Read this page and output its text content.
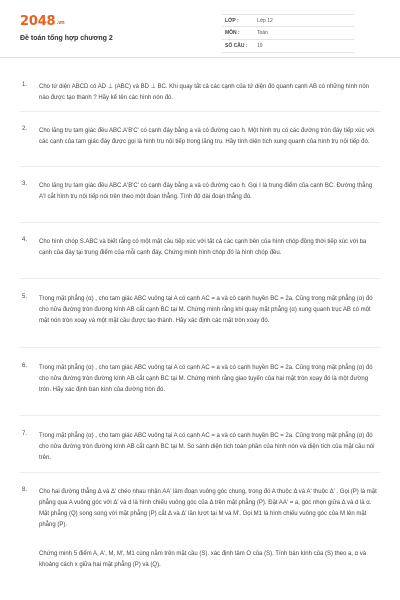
2048.vn
Đề toán tổng hợp chương 2
LỚP :	Lớp 12
MÔN :	Toán
SỐ CÂU :	19
1. Cho tứ diện ABCD có AD ⊥ (ABC) và BD ⊥ BC. Khi quay tất cả các cạnh của tứ diện đó quanh cạnh AB có những hình nón nào được tạo thành ? Hãy kể tên các hình nón đó.
2. Cho lăng trụ tam giác đều ABC.A'B'C' có cạnh đáy bằng a và có đường cao h. Một hình trụ có các đường tròn đáy tiếp xúc với các cạnh của tam giác đáy được gọi là hình trụ nội tiếp trong lăng trụ. Hãy tính diện tích xung quanh của hình trụ nội tiếp đó.
3. Cho lăng trụ tam giác đều ABC.A'B'C' có cạnh đáy bằng a và có đường cao h. Gọi I là trung điểm của cạnh BC. Đường thẳng A'I cắt hình trụ nội tiếp nói trên theo một đoạn thẳng. Tính độ dài đoạn thẳng đó.
4. Cho hình chóp S.ABC và biết rằng có một mặt cầu tiếp xúc với tất cả các cạnh bên của hình chóp đồng thời tiếp xúc với ba cạnh của đáy tại trung điểm của mỗi cạnh đáy. Chứng minh hình chóp đó là hình chóp đều.
5. Trong mặt phẳng (α) , cho tam giác ABC vuông tại A có cạnh AC = a và có cạnh huyền BC = 2a. Cũng trong mặt phẳng (α) đó cho nửa đường tròn đường kính AB cắt cạnh BC tại M. Chứng minh rằng khi quay mặt phẳng (α) xung quanh trục AB có một mặt nón tròn xoay và một mặt cầu được tạo thành. Hãy xác định các mặt tròn xoay đó.
6. Trong mặt phẳng (α) , cho tam giác ABC vuông tại A có cạnh AC = a và có cạnh huyền BC = 2a. Cũng trong mặt phẳng (α) đó cho nửa đường tròn đường kính AB cắt cạnh BC tại M. Chứng minh rằng giao tuyến của hai mặt tròn xoay đó là một đường tròn. Hãy xác định bán kính của đường tròn đó.
7. Trong mặt phẳng (α) , cho tam giác ABC vuông tại A có cạnh AC = a và có cạnh huyền BC = 2a. Cũng trong mặt phẳng (α) đó cho nửa đường tròn đường kính AB cắt cạnh BC tại M. So sánh diện tích toàn phần của hình nón và diện tích của mặt cầu nói trên.
8. Cho hai đường thẳng Δ và Δ' chéo nhau nhận AA' làm đoạn vuông góc chung, trong đó A thuộc Δ và A' thuộc Δ' . Gọi (P) là mặt phẳng qua A vuông góc với Δ' và d là hình chiếu vuông góc của Δ trên mặt phẳng (P). Đặt AA' = a, góc nhọn giữa Δ và d là α. Mặt phẳng (Q) song song với mặt phẳng (P) cắt Δ và Δ' lần lượt tại M và M'. Gọi M1 là hình chiếu vuông góc của M lên mặt phẳng (P).
Chứng minh 5 điểm A, A', M, M', M1 cùng nằm trên mặt cầu (S). xác định tâm O của (S). Tính bán kính của (S) theo a, α và khoảng cách x giữa hai mặt phẳng (P) và (Q).
